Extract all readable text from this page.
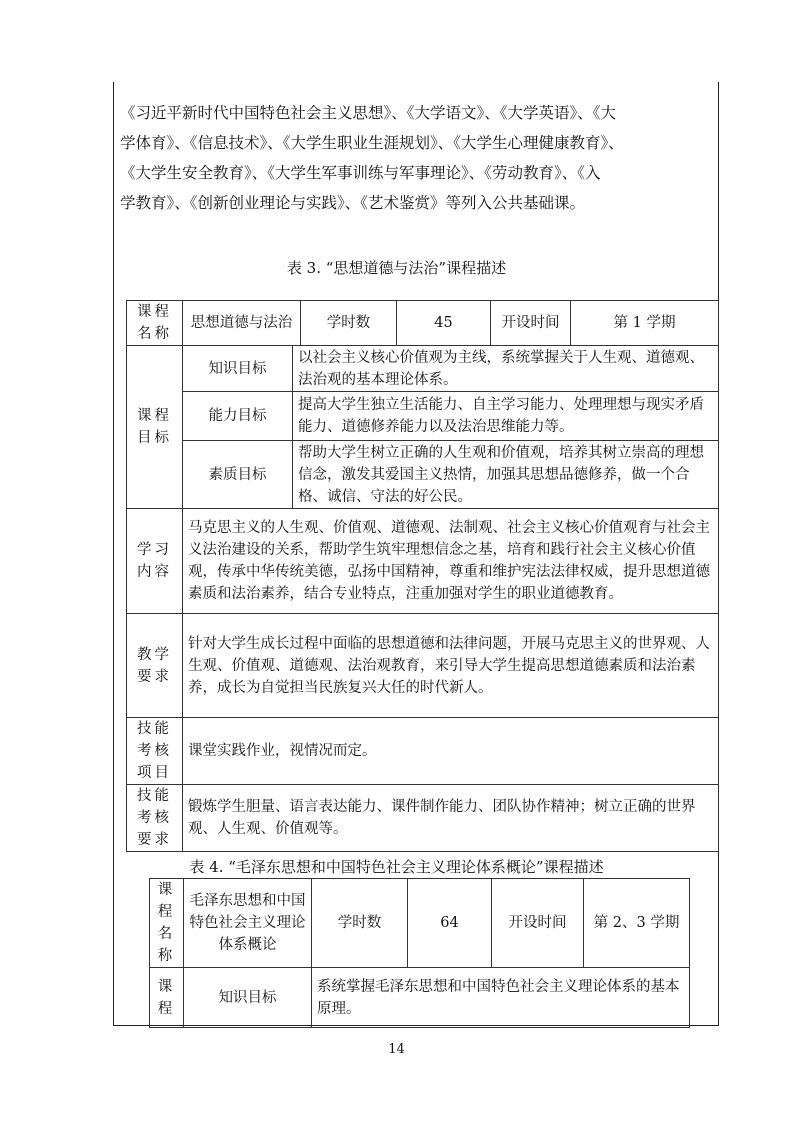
《习近平新时代中国特色社会主义思想》、《大学语文》、《大学英语》、《大

学体育》、《信息技术》、《大学生职业生涯规划》、《大学生心理健康教育》、

《大学生安全教育》、《大学生军事训练与军事理论》、《劳动教育》、《入

学教育》、《创新创业理论与实践》、《艺术鉴赏》等列入公共基础课。

表 3. “思想道德与法治”课程描述
课程名称	思想道德与法治		学时数	45	开设时间	第 1 学期
课程目标	知识目标	以社会主义核心价值观为主线，系统掌握关于人生观、道德观、法治观的基本理论体系。				
	能力目标	提高大学生独立生活能力、自主学习能力、处理理想与现实矛盾能力、道德修养能力以及法治思维能力等。				
	素质目标	帮助大学生树立正确的人生观和价值观，培养其树立崇高的理想信念，激发其爱国主义热情，加强其思想品德修养，做一个合格、诚信、守法的好公民。				
学习内容	马克思主义的人生观、价值观、道德观、法制观、社会主义核心价值观育与社会主义法治建设的关系，帮助学生筑牢理想信念之基，培育和践行社会主义核心价值观，传承中华传统美德，弘扬中国精神，尊重和维护宪法法律权威，提升思想道德素质和法治素养，结合专业特点，注重加强对学生的职业道德教育。					
教学要求	针对大学生成长过程中面临的思想道德和法律问题，开展马克思主义的世界观、人生观、价值观、道德观、法治观教育，来引导大学生提高思想道德素质和法治素养，成长为自觉担当民族复兴大任的时代新人。					
技能考核项目	课堂实践作业，视情况而定。					
技能考核要求	锻炼学生胆量、语言表达能力、课件制作能力、团队协作精神；树立正确的世界观、人生观、价值观等。					
表 4. “毛泽东思想和中国特色社会主义理论体系概论”课程描述
课程名称	毛泽东思想和中国特色社会主义理论体系概论	学时数	64	开设时间	第 2、3 学期
课程	知识目标	系统掌握毛泽东思想和中国特色社会主义理论体系的基本原理。			
14
